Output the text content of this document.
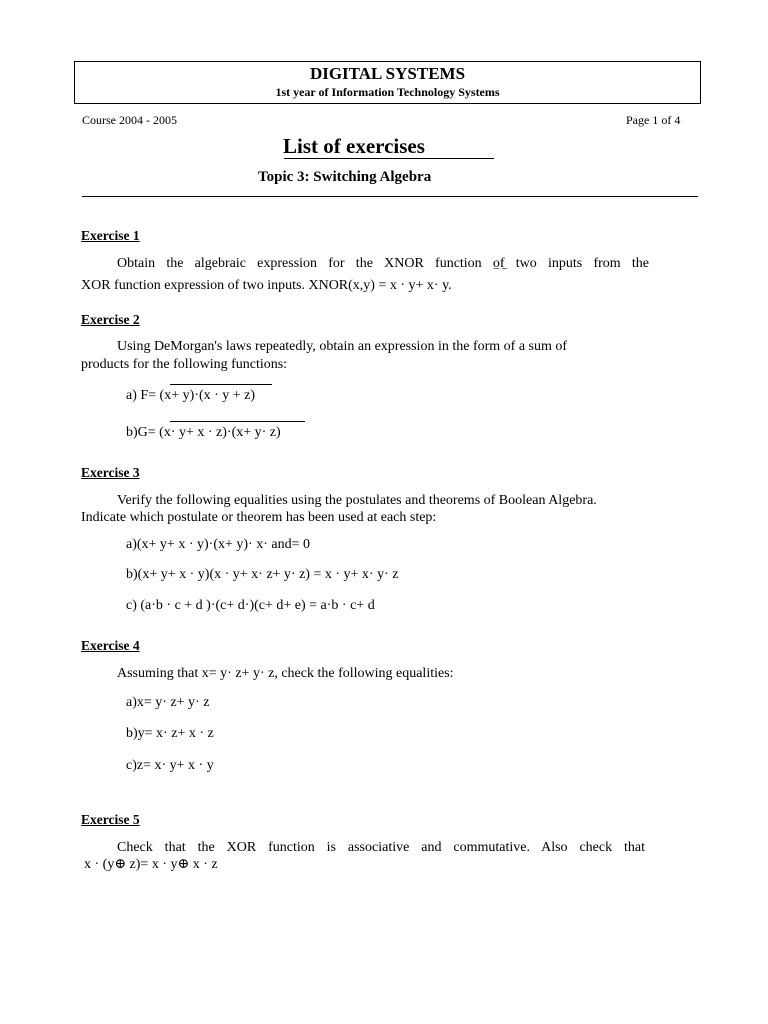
DIGITAL SYSTEMS
1st year of Information Technology Systems
Course 2004 - 2005	Page 1 of 4
List of exercises
Topic 3: Switching Algebra
Exercise 1
Obtain the algebraic expression for the XNOR function of two inputs from the
XOR function expression of two inputs. XNOR(x,y) = x · y+ x· y.
‾ ‾
Exercise 2
Using DeMorgan's laws repeatedly, obtain an expression in the form of a sum of
products for the following functions:
a) F= (x+ y)·(x · y + z)
b)G= (x· y+ x · z)·(x+ y· z)
Exercise 3
Verify the following equalities using the postulates and theorems of Boolean Algebra.
Indicate which postulate or theorem has been used at each step:
a)(x+ y+ x · y)·(x+ y)· x· and= 0
b)(x+ y+ x · y)(x · y+ x· z+ y· z) = x · y+ x· y· z
c) (a·b · c + d )·(c+ d·)(c+ d+ e) = a·b · c+ d
Exercise 4
Assuming that x= y· z+ y· z, check the following equalities:
a)x= y· z+ y· z
b)y= x· z+ x · z
c)z= x· y+ x · y
Exercise 5
Check that the XOR function is associative and commutative. Also check that
x · (y⊕ z)= x · y⊕ x · z
